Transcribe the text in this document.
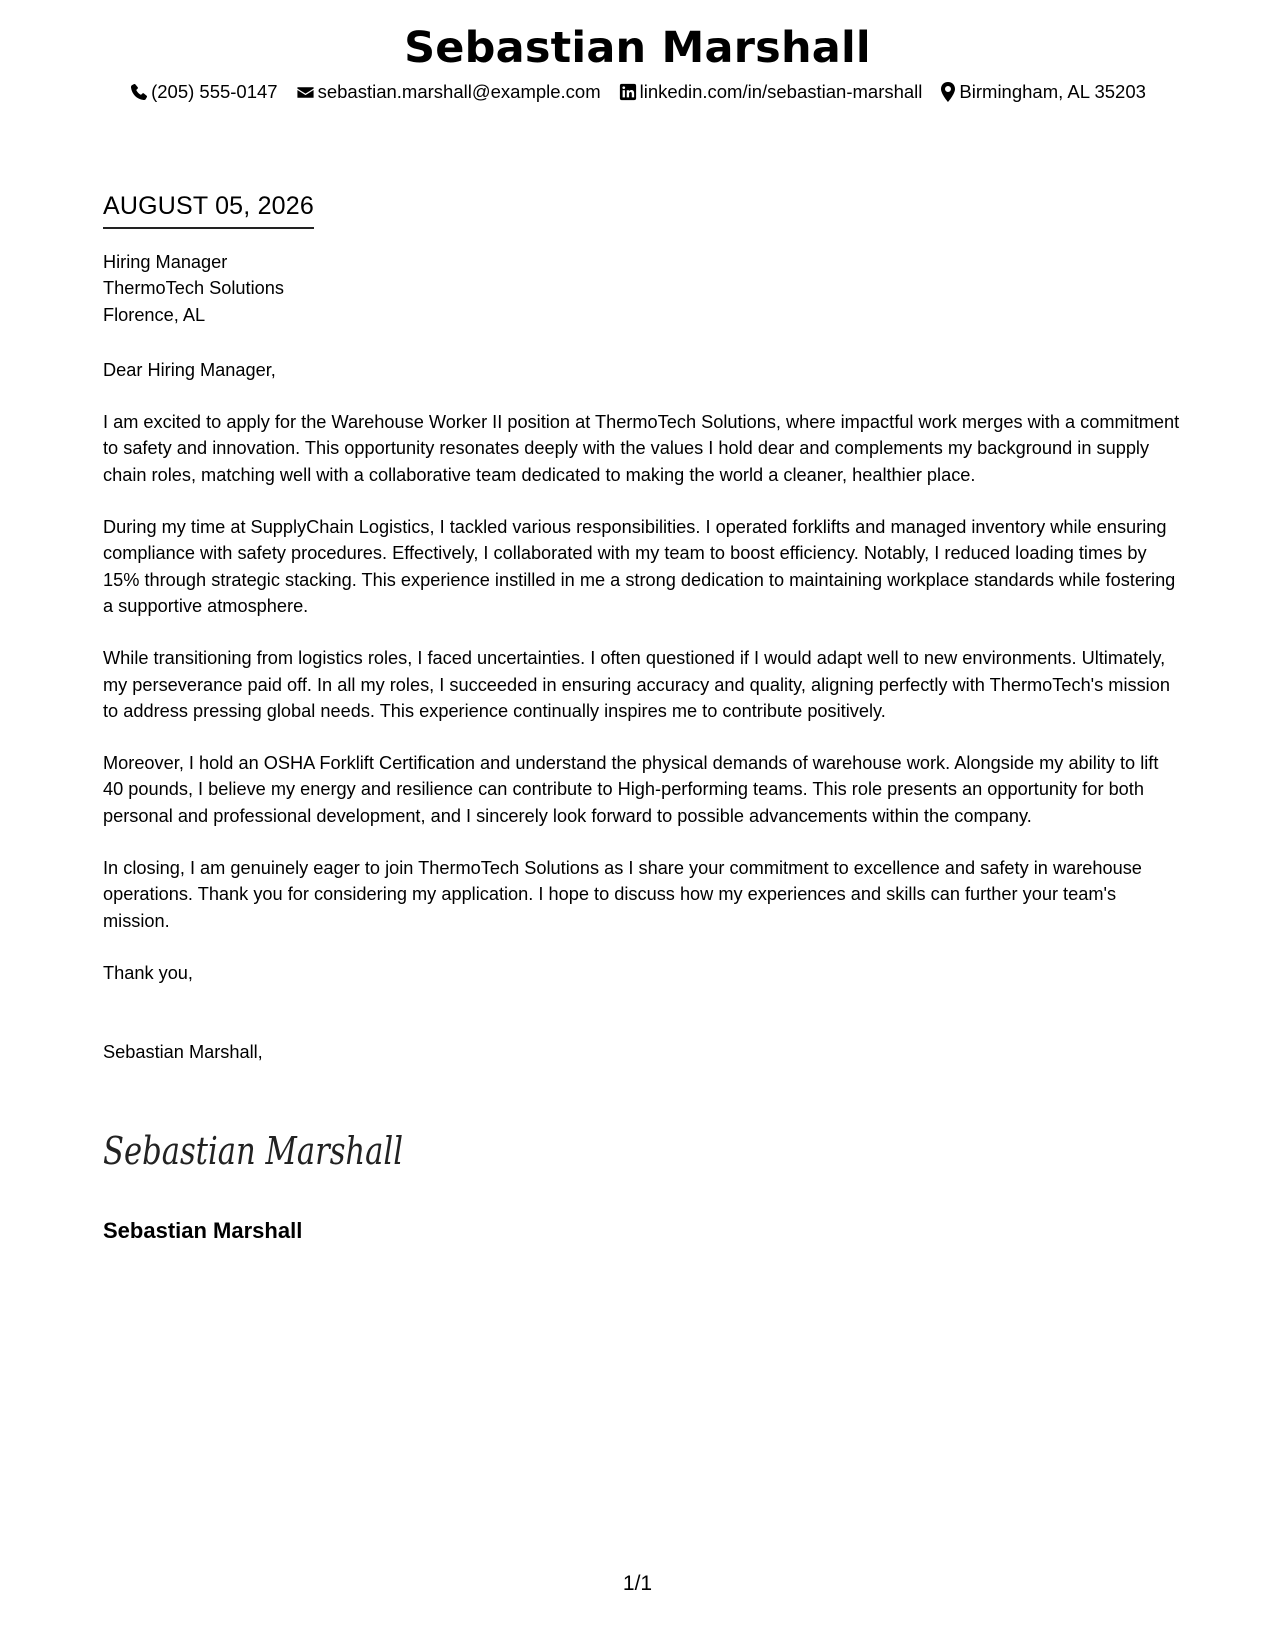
Sebastian Marshall
(205) 555-0147 sebastian.marshall@example.com linkedin.com/in/sebastian-marshall Birmingham, AL 35203
AUGUST 05, 2026
Hiring Manager
ThermoTech Solutions
Florence, AL

Dear Hiring Manager,

I am excited to apply for the Warehouse Worker II position at ThermoTech Solutions, where impactful work merges with a commitment to safety and innovation. This opportunity resonates deeply with the values I hold dear and complements my background in supply chain roles, matching well with a collaborative team dedicated to making the world a cleaner, healthier place.

During my time at SupplyChain Logistics, I tackled various responsibilities. I operated forklifts and managed inventory while ensuring compliance with safety procedures. Effectively, I collaborated with my team to boost efficiency. Notably, I reduced loading times by 15% through strategic stacking. This experience instilled in me a strong dedication to maintaining workplace standards while fostering a supportive atmosphere.

While transitioning from logistics roles, I faced uncertainties. I often questioned if I would adapt well to new environments. Ultimately, my perseverance paid off. In all my roles, I succeeded in ensuring accuracy and quality, aligning perfectly with ThermoTech's mission to address pressing global needs. This experience continually inspires me to contribute positively.

Moreover, I hold an OSHA Forklift Certification and understand the physical demands of warehouse work. Alongside my ability to lift 40 pounds, I believe my energy and resilience can contribute to High-performing teams. This role presents an opportunity for both personal and professional development, and I sincerely look forward to possible advancements within the company.

In closing, I am genuinely eager to join ThermoTech Solutions as I share your commitment to excellence and safety in warehouse operations. Thank you for considering my application. I hope to discuss how my experiences and skills can further your team's mission.

Thank you,

Sebastian Marshall,

Sebastian Marshall
Sebastian Marshall
1/1
